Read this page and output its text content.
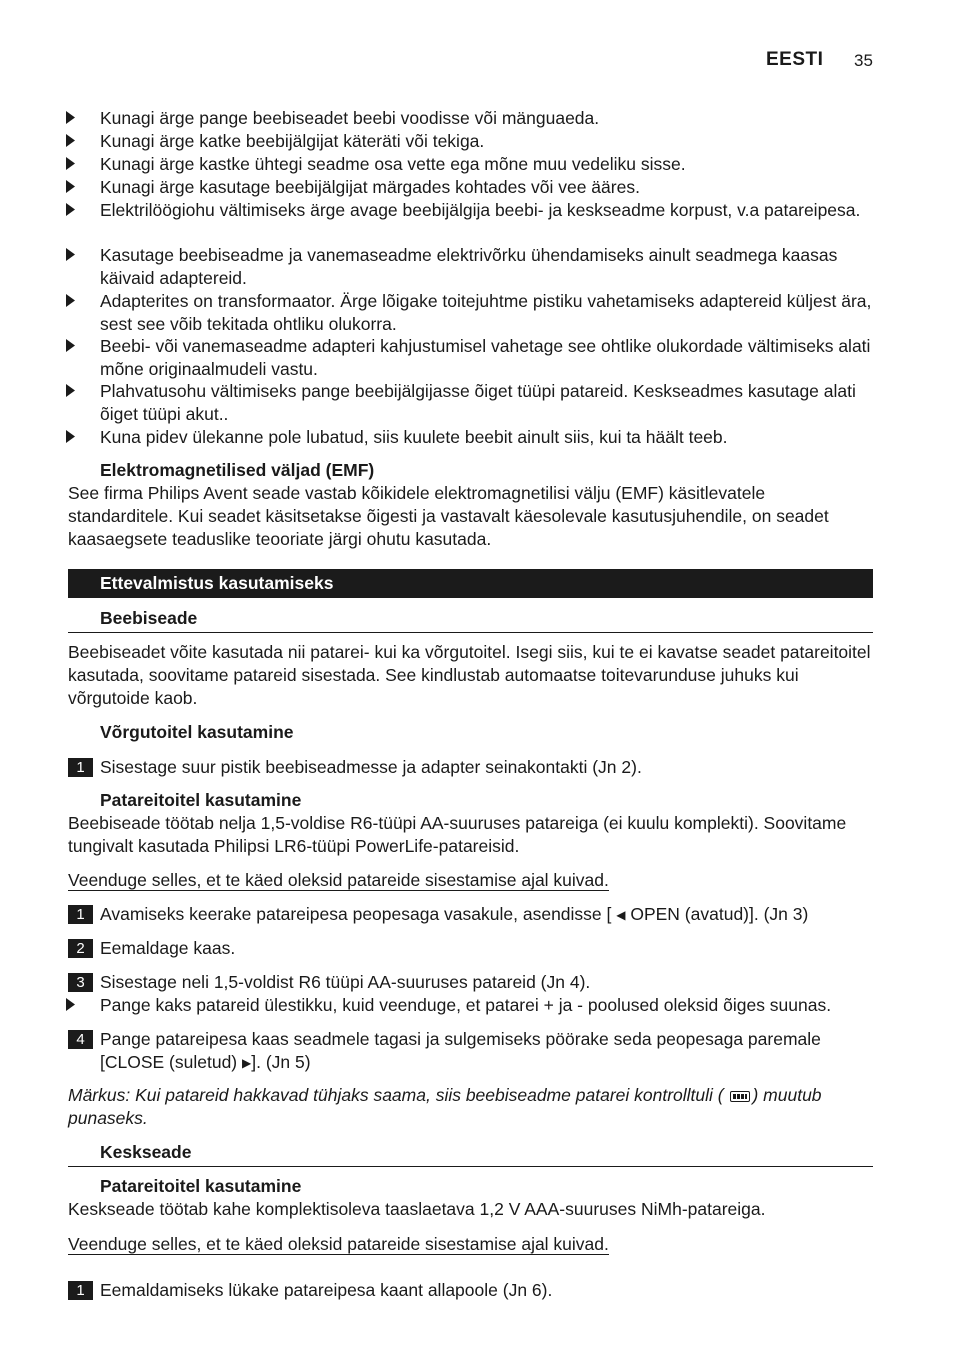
EESTI 35
Kunagi ärge pange beebiseadet beebi voodisse või mänguaeda.
Kunagi ärge katke beebijälgijat käteräti või tekiga.
Kunagi ärge kastke ühtegi seadme osa vette ega mõne muu vedeliku sisse.
Kunagi ärge kasutage beebijälgijat märgades kohtades või vee ääres.
Elektrilöögiohu vältimiseks ärge avage beebijälgija beebi- ja keskseadme korpust, v.a patareipesa.
Kasutage beebiseadme ja vanemaseadme elektrivõrku ühendamiseks ainult seadmega kaasas käivaid adaptereid.
Adapterites on transformaator. Ärge lõigake toitejuhtme pistiku vahetamiseks adaptereid küljest ära, sest see võib tekitada ohtliku olukorra.
Beebi- või vanemaseadme adapteri kahjustumisel vahetage see ohtlike olukordade vältimiseks alati mõne originaalmudeli vastu.
Plahvatusohu vältimiseks pange beebijälgijasse õiget tüüpi patareid. Keskseadmes kasutage alati õiget tüüpi akut..
Kuna pidev ülekanne pole lubatud, siis kuulete beebit ainult siis, kui ta häält teeb.
Elektromagnetilised väljad (EMF)
See firma Philips Avent seade vastab kõikidele elektromagnetilisi välju (EMF) käsitlevatele standarditele. Kui seadet käsitsetakse õigesti ja vastavalt käesolevale kasutusjuhendile, on seadet kaasaegsete teaduslike teooriate järgi ohutu kasutada.
Ettevalmistus kasutamiseks
Beebiseade
Beebiseadet võite kasutada nii patarei- kui ka võrgutoitel. Isegi siis, kui te ei kavatse seadet patareitoitel kasutada, soovitame patareid sisestada. See kindlustab automaatse toitevarunduse juhuks kui võrgutoide kaob.
Võrgutoitel kasutamine
1 Sisestage suur pistik beebiseadmesse ja adapter seinakontakti (Jn 2).
Patareitoitel kasutamine
Beebiseade töötab nelja 1,5-voldise R6-tüüpi AA-suuruses patareiga (ei kuulu komplekti). Soovitame tungivalt kasutada Philipsi LR6-tüüpi PowerLife-patareisid.
Veenduge selles, et te käed oleksid patareide sisestamise ajal kuivad.
1 Avamiseks keerake patareipesa peopesaga vasakule, asendisse [ ◀ OPEN (avatud)]. (Jn 3)
2 Eemaldage kaas.
3 Sisestage neli 1,5-voldist R6 tüüpi AA-suuruses patareid (Jn 4).
Pange kaks patareid ülestikku, kuid veenduge, et patarei + ja - poolused oleksid õiges suunas.
4 Pange patareipesa kaas seadmele tagasi ja sulgemiseks pöörake seda peopesaga paremale [CLOSE (suletud) ▶]. (Jn 5)
Märkus: Kui patareid hakkavad tühjaks saama, siis beebiseadme patarei kontrolltuli ( ) muutub punaseks.
Keskseade
Patareitoitel kasutamine
Keskseade töötab kahe komplektisoleva taaslaetava 1,2 V AAA-suuruses NiMh-patareiga.
Veenduge selles, et te käed oleksid patareide sisestamise ajal kuivad.
1 Eemaldamiseks lükake patareipesa kaant allapoole (Jn 6).
